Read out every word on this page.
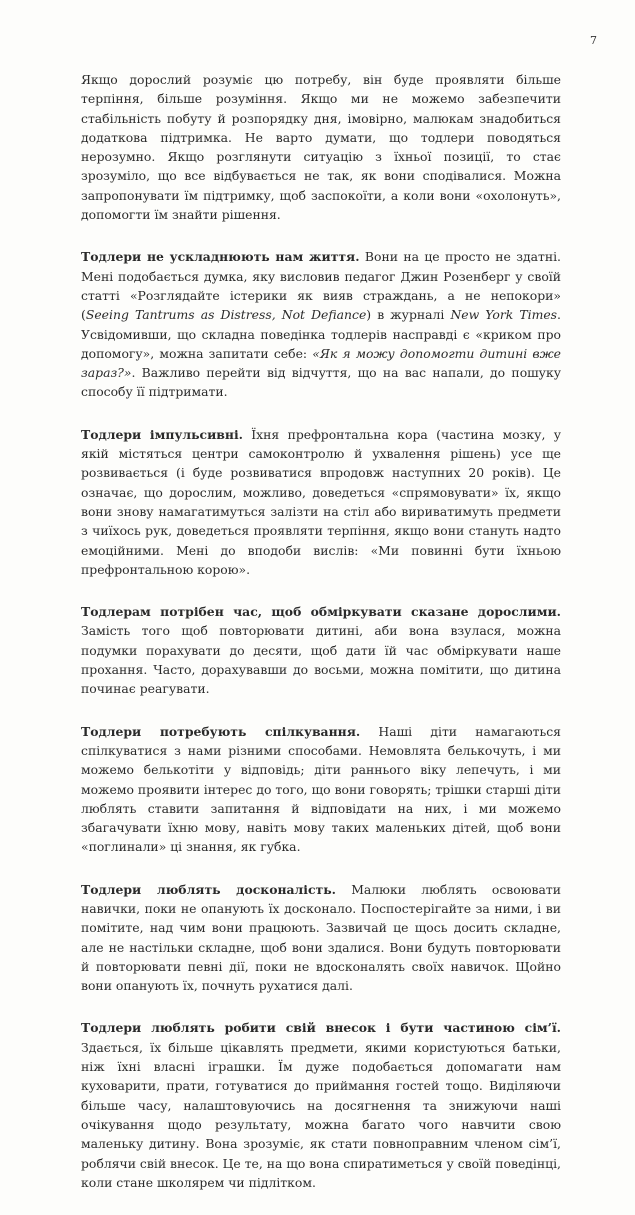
7

Якщо дорослий розуміє цю потребу, він буде проявляти більше терпіння, більше розуміння. Якщо ми не можемо забезпечити стабільність побуту й розпорядку дня, імовірно, малюкам знадобиться додаткова підтримка. Не варто думати, що тодлери поводяться нерозумно. Якщо розглянути ситуацію з їхньої позиції, то стає зрозуміло, що все відбувається не так, як вони сподівалися. Можна запропонувати їм підтримку, щоб заспокоїти, а коли вони «охолонуть», допомогти їм знайти рішення.

Тодлери не ускладнюють нам життя. Вони на це просто не здатні. Мені подобається думка, яку висловив педагог Джин Розенберг у своїй статті «Розглядайте істерики як вияв страждань, а не непокори» (Seeing Tantrums as Distress, Not Defiance) в журналі New York Times. Усвідомивши, що складна поведінка тодлерів насправді є «криком про допомогу», можна запитати себе: «Як я можу допомогти дитині вже зараз?». Важливо перейти від відчуття, що на вас напали, до пошуку способу її підтримати.

Тодлери імпульсивні. Їхня префронтальна кора (частина мозку, у якій містяться центри самоконтролю й ухвалення рішень) усе ще розвивається (і буде розвиватися впродовж наступних 20 років). Це означає, що дорослим, можливо, доведеться «спрямовувати» їх, якщо вони знову намагатимуться залізти на стіл або вириватимуть предмети з чиїхось рук, доведеться проявляти терпіння, якщо вони стануть надто емоційними. Мені до вподоби вислів: «Ми повинні бути їхньою префронтальною корою».

Тодлерам потрібен час, щоб обміркувати сказане дорослими. Замість того щоб повторювати дитині, аби вона взулася, можна подумки порахувати до десяти, щоб дати їй час обміркувати наше прохання. Часто, дорахувавши до восьми, можна помітити, що дитина починає реагувати.

Тодлери потребують спілкування. Наші діти намагаються спілкуватися з нами різними способами. Немовлята белькочуть, і ми можемо белькотіти у відповідь; діти раннього віку лепечуть, і ми можемо проявити інтерес до того, що вони говорять; трішки старші діти люблять ставити запитання й відповідати на них, і ми можемо збагачувати їхню мову, навіть мову таких маленьких дітей, щоб вони «поглинали» ці знання, як губка.

Тодлери люблять досконалість. Малюки люблять освоювати навички, поки не опанують їх досконало. Поспостерігайте за ними, і ви помітите, над чим вони працюють. Зазвичай це щось досить складне, але не настільки складне, щоб вони здалися. Вони будуть повторювати й повторювати певні дії, поки не вдосконалять своїх навичок. Щойно вони опанують їх, почнуть рухатися далі.

Тодлери люблять робити свій внесок і бути частиною сім’ї. Здається, їх більше цікавлять предмети, якими користуються батьки, ніж їхні власні іграшки. Їм дуже подобається допомагати нам куховарити, прати, готуватися до приймання гостей тощо. Виділяючи більше часу, налаштовуючись на досягнення та знижуючи наші очікування щодо результату, можна багато чого навчити свою маленьку дитину. Вона зрозуміє, як стати повноправним членом сім’ї, роблячи свій внесок. Це те, на що вона спиратиметься у своїй поведінці, коли стане школярем чи підлітком.
